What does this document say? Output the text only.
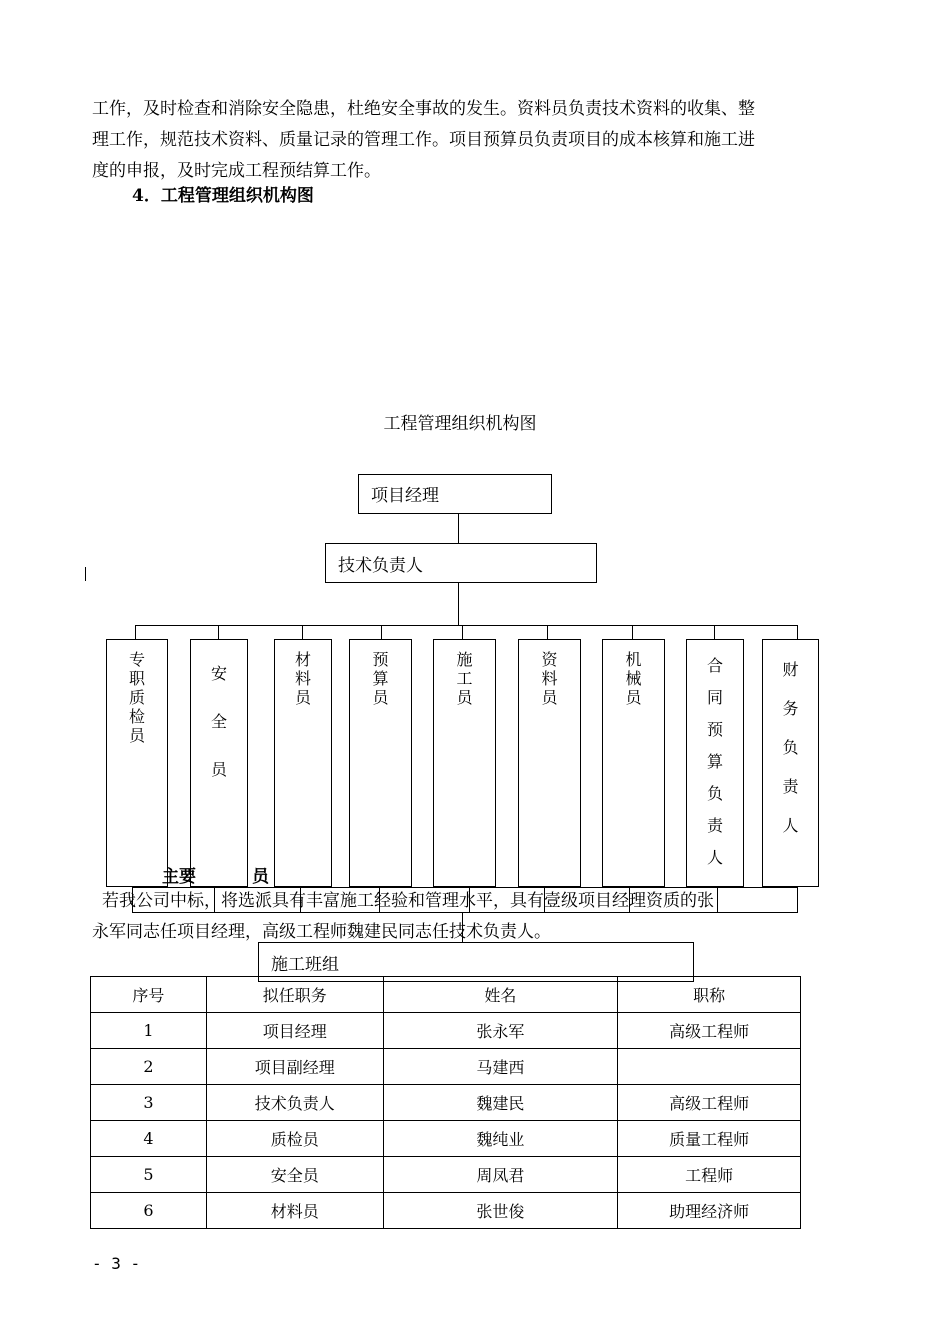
工作，及时检查和消除安全隐患，杜绝安全事故的发生。资料员负责技术资料的收集、整
理工作，规范技术资料、质量记录的管理工作。项目预算员负责项目的成本核算和施工进
度的申报，及时完成工程预结算工作。
4．工程管理组织机构图
工程管理组织机构图
项目经理
技术负责人
专职质检员
安全员
材料员
预算员
施工员
资料员
机械员
合同预算负责人
财务负责人
主要	员
若我公司中标，将选派具有丰富施工经验和管理水平，具有壹级项目经理资质的张
永军同志任项目经理，高级工程师魏建民同志任技术负责人。
施工班组
序号	拟任职务	姓名	职称
1	项目经理	张永军	高级工程师
2	项目副经理	马建西	
3	技术负责人	魏建民	高级工程师
4	质检员	魏纯业	质量工程师
5	安全员	周凤君	工程师
6	材料员	张世俊	助理经济师
- 3 -
